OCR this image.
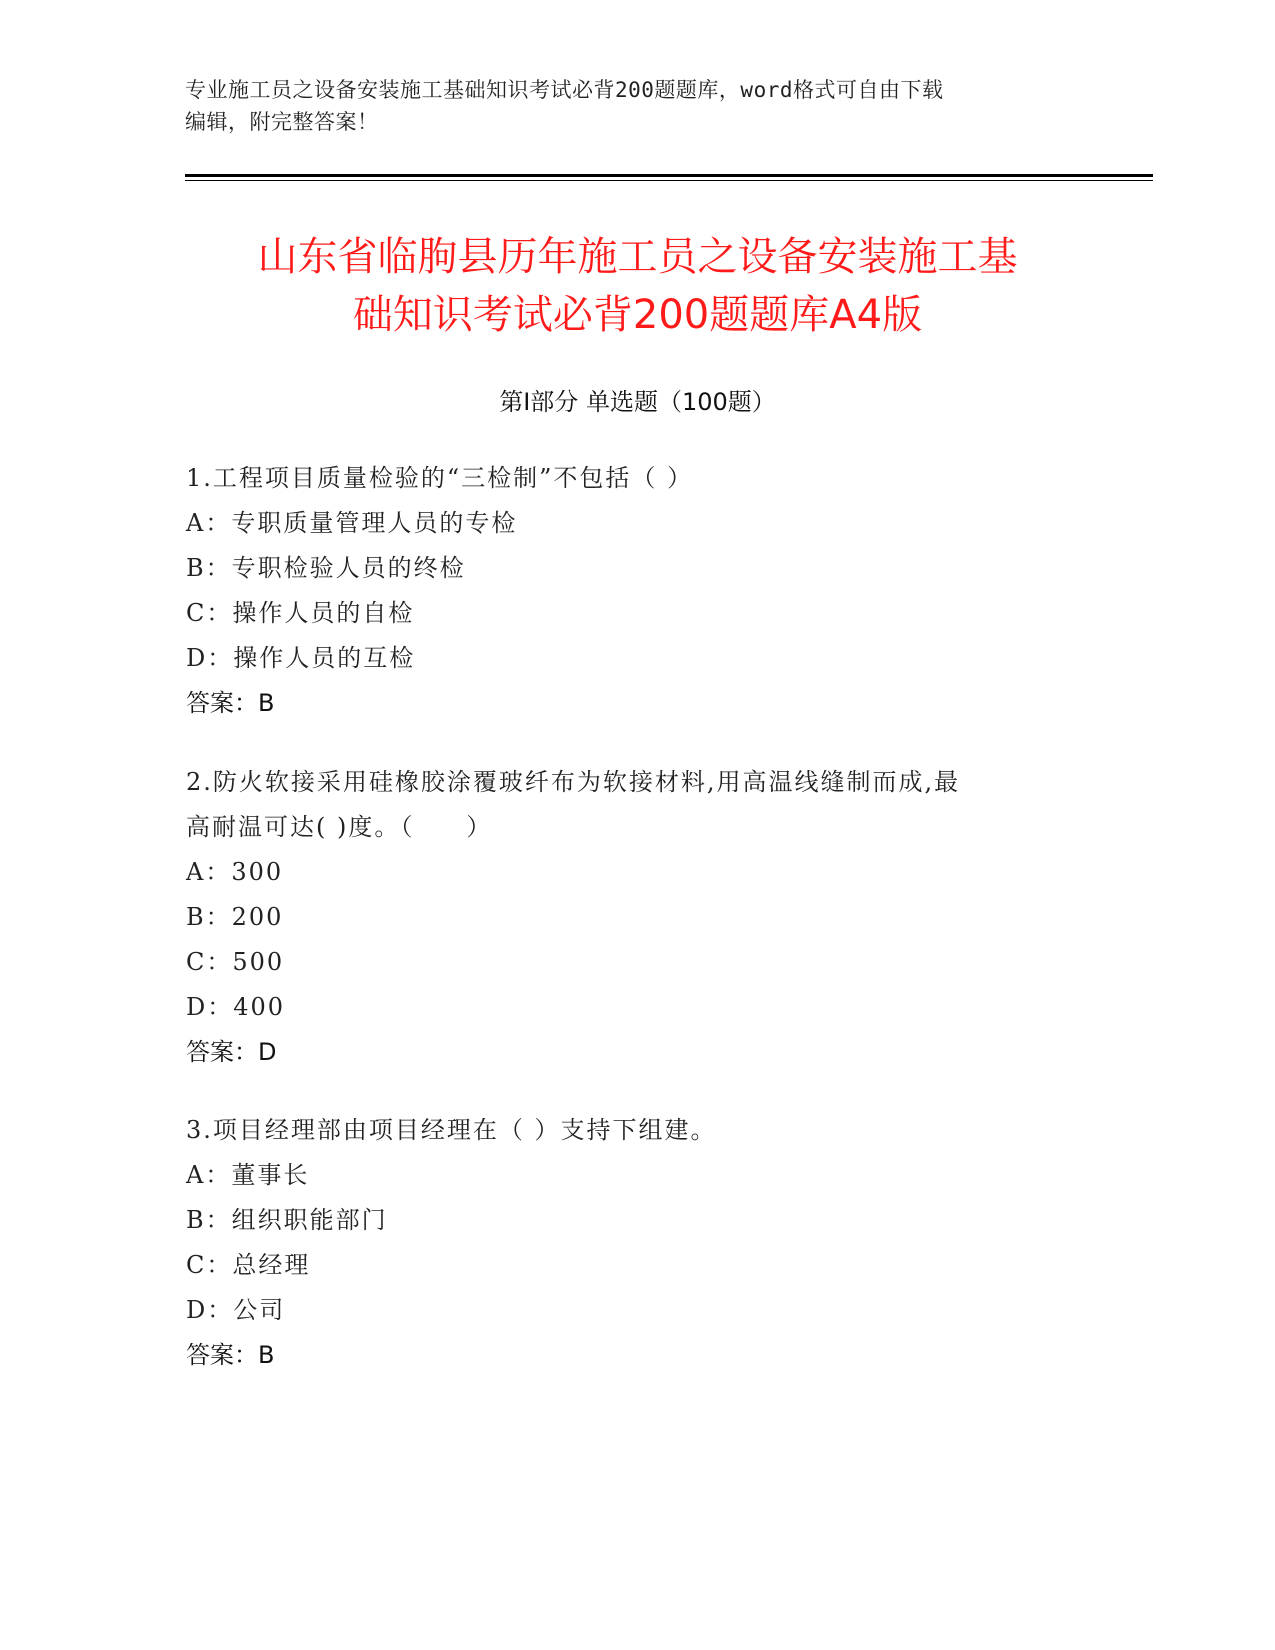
专业施工员之设备安装施工基础知识考试必背200题题库，word格式可自由下载
编辑，附完整答案！
山东省临朐县历年施工员之设备安装施工基
础知识考试必背200题题库A4版
第Ⅰ部分 单选题（100题）

1.工程项目质量检验的“三检制”不包括（ ）

A：专职质量管理人员的专检

B：专职检验人员的终检

C：操作人员的自检

D：操作人员的互检

答案：B

2.防火软接采用硅橡胶涂覆玻纤布为软接材料,用高温线缝制而成,最

高耐温可达( )度。（　　）

A：300

B：200

C：500

D：400

答案：D

3.项目经理部由项目经理在（ ）支持下组建。

A：董事长

B：组织职能部门

C：总经理

D：公司

答案：B
